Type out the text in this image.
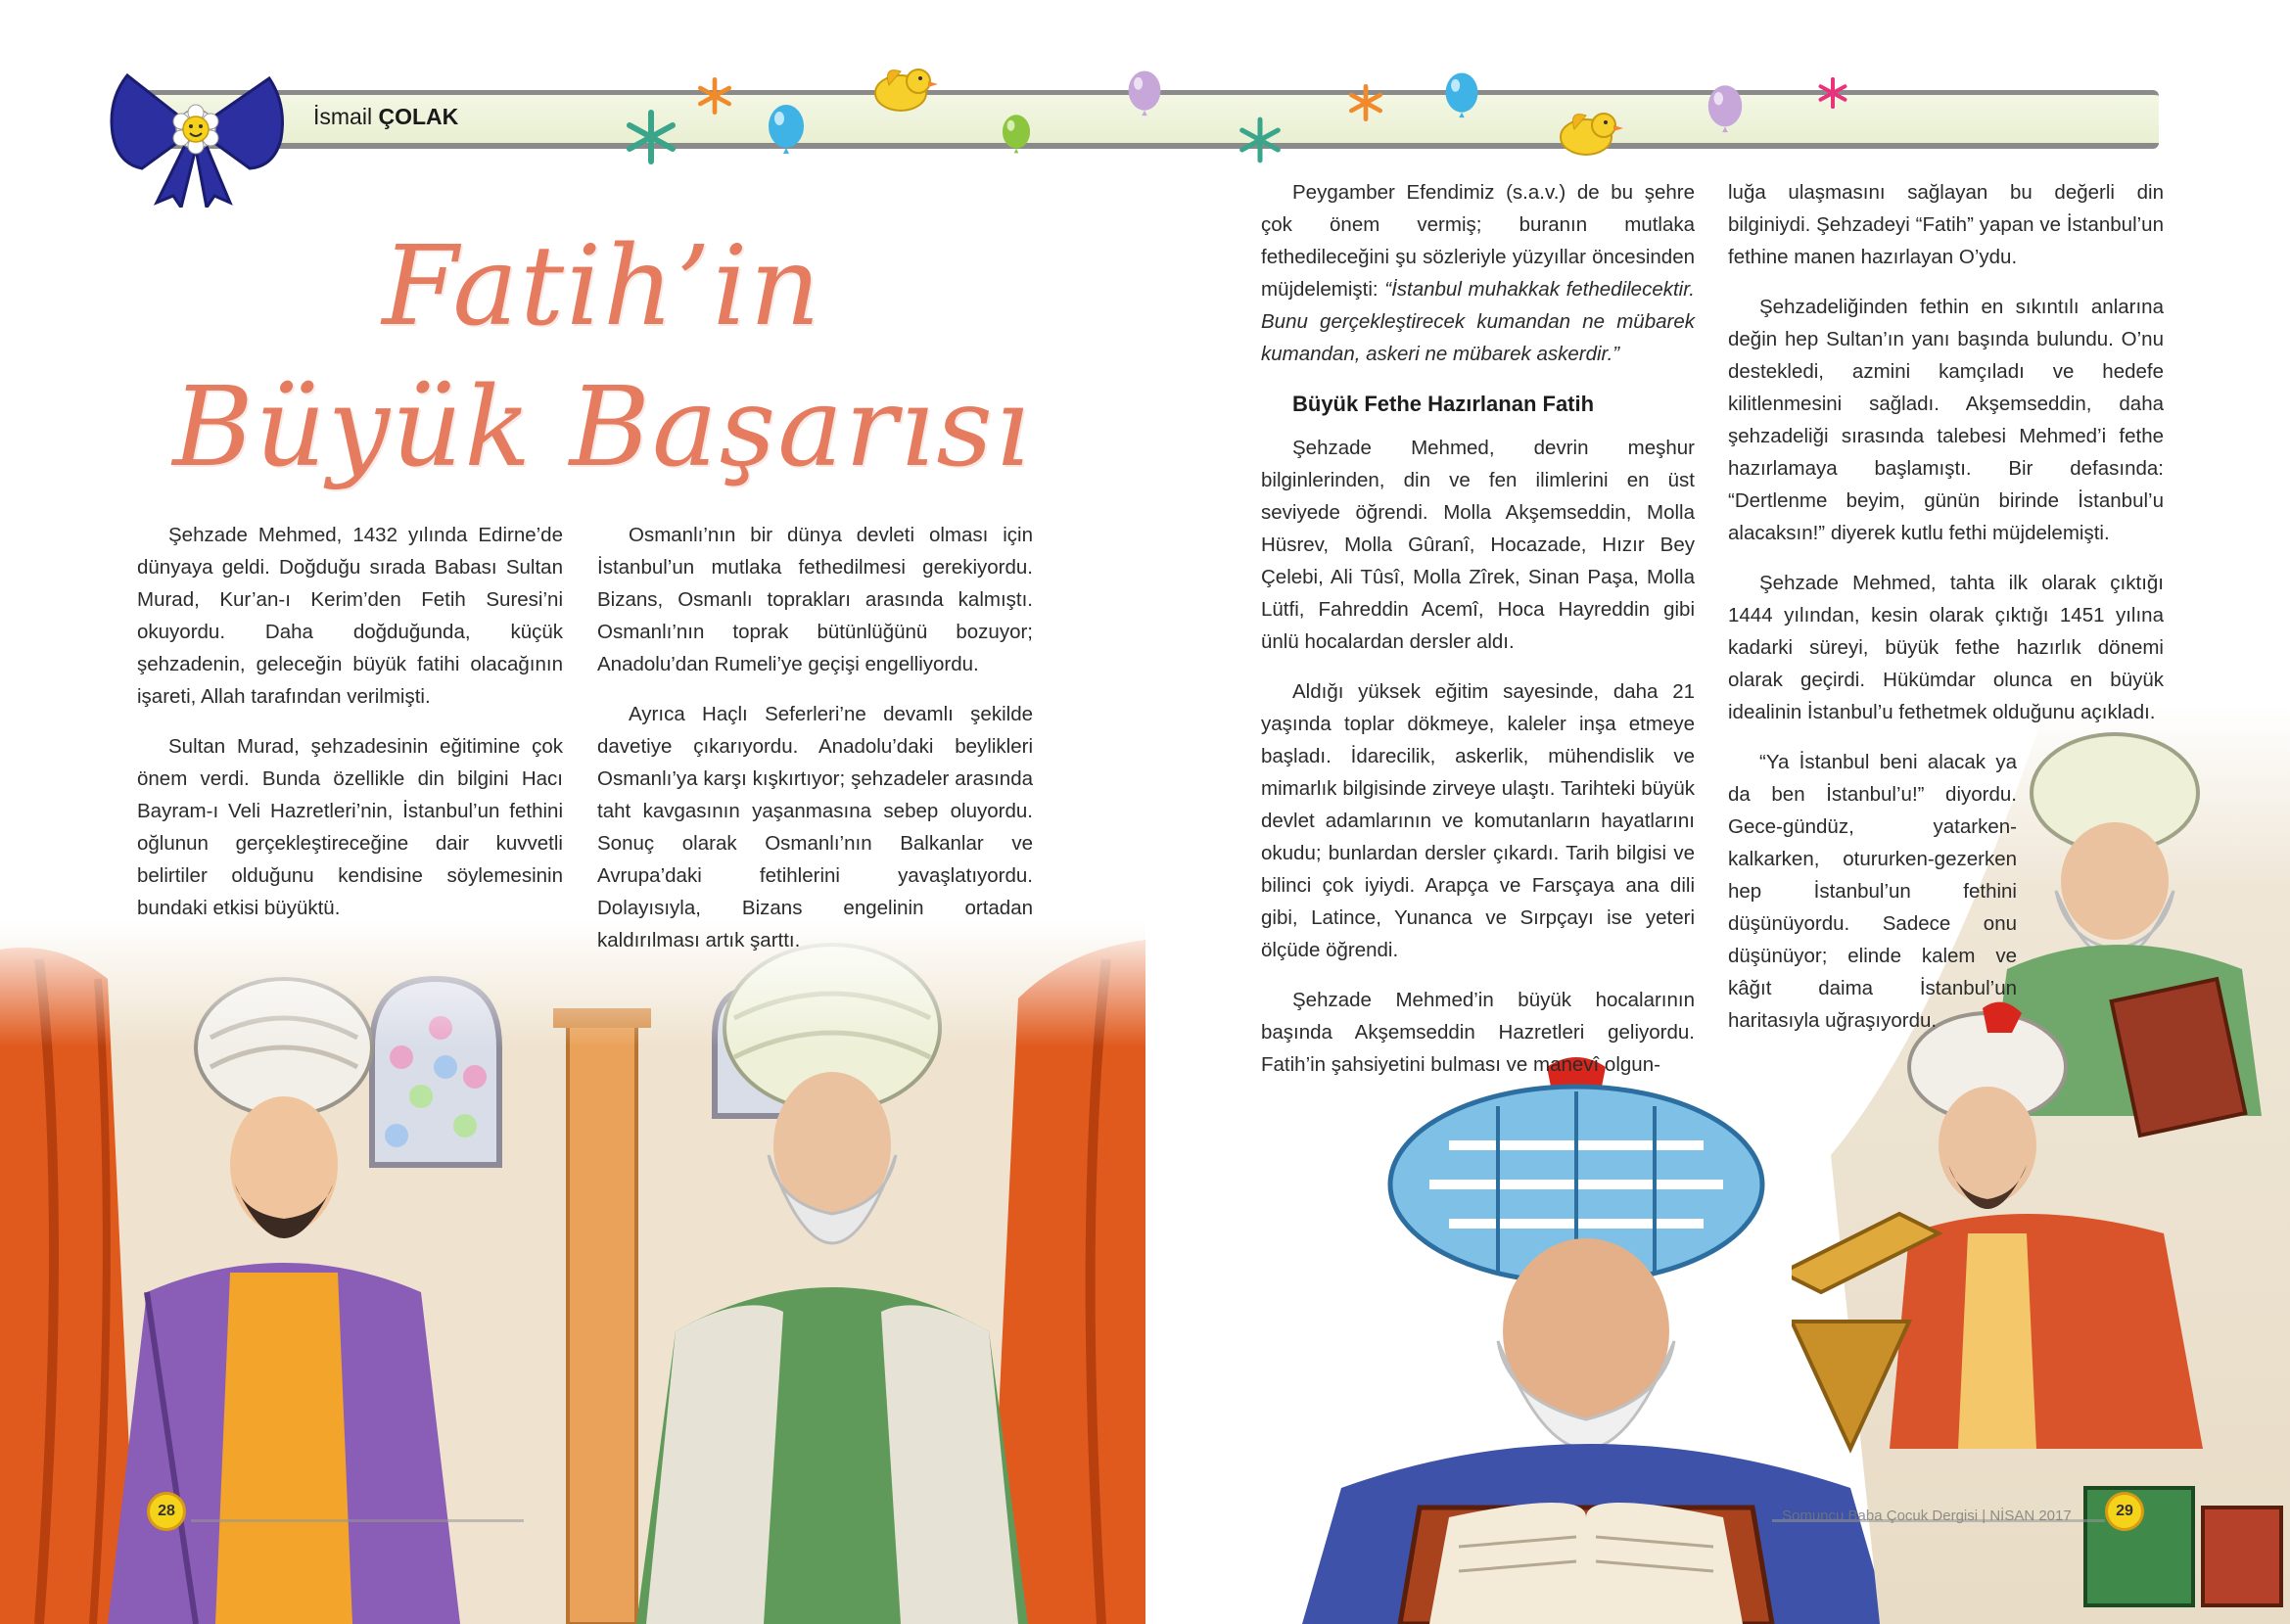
İsmail ÇOLAK
Fatih’in
Büyük Başarısı

Şehzade Mehmed, 1432 yılında Edirne’de dünyaya geldi. Doğduğu sırada Babası Sultan Murad, Kur’an-ı Kerim’den Fetih Suresi’ni okuyordu. Daha doğduğunda, küçük şehzadenin, geleceğin büyük fatihi olacağının işareti, Allah tarafından verilmişti.

Sultan Murad, şehzadesinin eğitimine çok önem verdi. Bunda özellikle din bilgini Hacı Bayram-ı Veli Hazretleri’nin, İstanbul’un fethini oğlunun gerçekleştireceğine dair kuvvetli belirtiler olduğunu kendisine söylemesinin bundaki etkisi büyüktü.

Osmanlı’nın bir dünya devleti olması için İstanbul’un mutlaka fethedilmesi gerekiyordu. Bizans, Osmanlı toprakları arasında kalmıştı. Osmanlı’nın toprak bütünlüğünü bozuyor; Anadolu’dan Rumeli’ye geçişi engelliyordu.

Ayrıca Haçlı Seferleri’ne devamlı şekilde davetiye çıkarıyordu. Anadolu’daki beylikleri Osmanlı’ya karşı kışkırtıyor; şehzadeler arasında taht kavgasının yaşanmasına sebep oluyordu. Sonuç olarak Osmanlı’nın Balkanlar ve Avrupa’daki fetihlerini yavaşlatıyordu. Dolayısıyla, Bizans engelinin ortadan kaldırılması artık şarttı.

Peygamber Efendimiz (s.a.v.) de bu şehre çok önem vermiş; buranın mutlaka fethedileceğini şu sözleriyle yüzyıllar öncesinden müjdelemişti: “İstanbul muhakkak fethedilecektir. Bunu gerçekleştirecek kumandan ne mübarek kumandan, askeri ne mübarek askerdir.”

Büyük Fethe Hazırlanan Fatih

Şehzade Mehmed, devrin meşhur bilginlerinden, din ve fen ilimlerini en üst seviyede öğrendi. Molla Akşemseddin, Molla Hüsrev, Molla Gûranî, Hocazade, Hızır Bey Çelebi, Ali Tûsî, Molla Zîrek, Sinan Paşa, Molla Lütfi, Fahreddin Acemî, Hoca Hayreddin gibi ünlü hocalardan dersler aldı.

Aldığı yüksek eğitim sayesinde, daha 21 yaşında toplar dökmeye, kaleler inşa etmeye başladı. İdarecilik, askerlik, mühendislik ve mimarlık bilgisinde zirveye ulaştı. Tarihteki büyük devlet adamlarının ve komutanların hayatlarını okudu; bunlardan dersler çıkardı. Tarih bilgisi ve bilinci çok iyiydi. Arapça ve Farsçaya ana dili gibi, Latince, Yunanca ve Sırpçayı ise yeteri ölçüde öğrendi.

Şehzade Mehmed’in büyük hocalarının başında Akşemseddin Hazretleri geliyordu. Fatih’in şahsiyetini bulması ve manevî olgun-

luğa ulaşmasını sağlayan bu değerli din bilginiydi. Şehzadeyi “Fatih” yapan ve İstanbul’un fethine manen hazırlayan O’ydu.

Şehzadeliğinden fethin en sıkıntılı anlarına değin hep Sultan’ın yanı başında bulundu. O’nu destekledi, azmini kamçıladı ve hedefe kilitlenmesini sağladı. Akşemseddin, daha şehzadeliği sırasında talebesi Mehmed’i fethe hazırlamaya başlamıştı. Bir defasında: “Dertlenme beyim, günün birinde İstanbul’u alacaksın!” diyerek kutlu fethi müjdelemişti.

Şehzade Mehmed, tahta ilk olarak çıktığı 1444 yılından, kesin olarak çıktığı 1451 yılına kadarki süreyi, büyük fethe hazırlık dönemi olarak geçirdi. Hükümdar olunca en büyük idealinin İstanbul’u fethetmek olduğunu açıkladı.

“Ya İstanbul beni alacak ya da ben İstanbul’u!” diyordu. Gece-gündüz, yatarken-kalkarken, otururken-gezerken hep İstanbul’un fethini düşünüyordu. Sadece onu düşünüyor; elinde kalem ve kâğıt daima İstanbul’un haritasıyla uğraşıyordu.

28	29
Somuncu Baba Çocuk Dergisi | NİSAN 2017
